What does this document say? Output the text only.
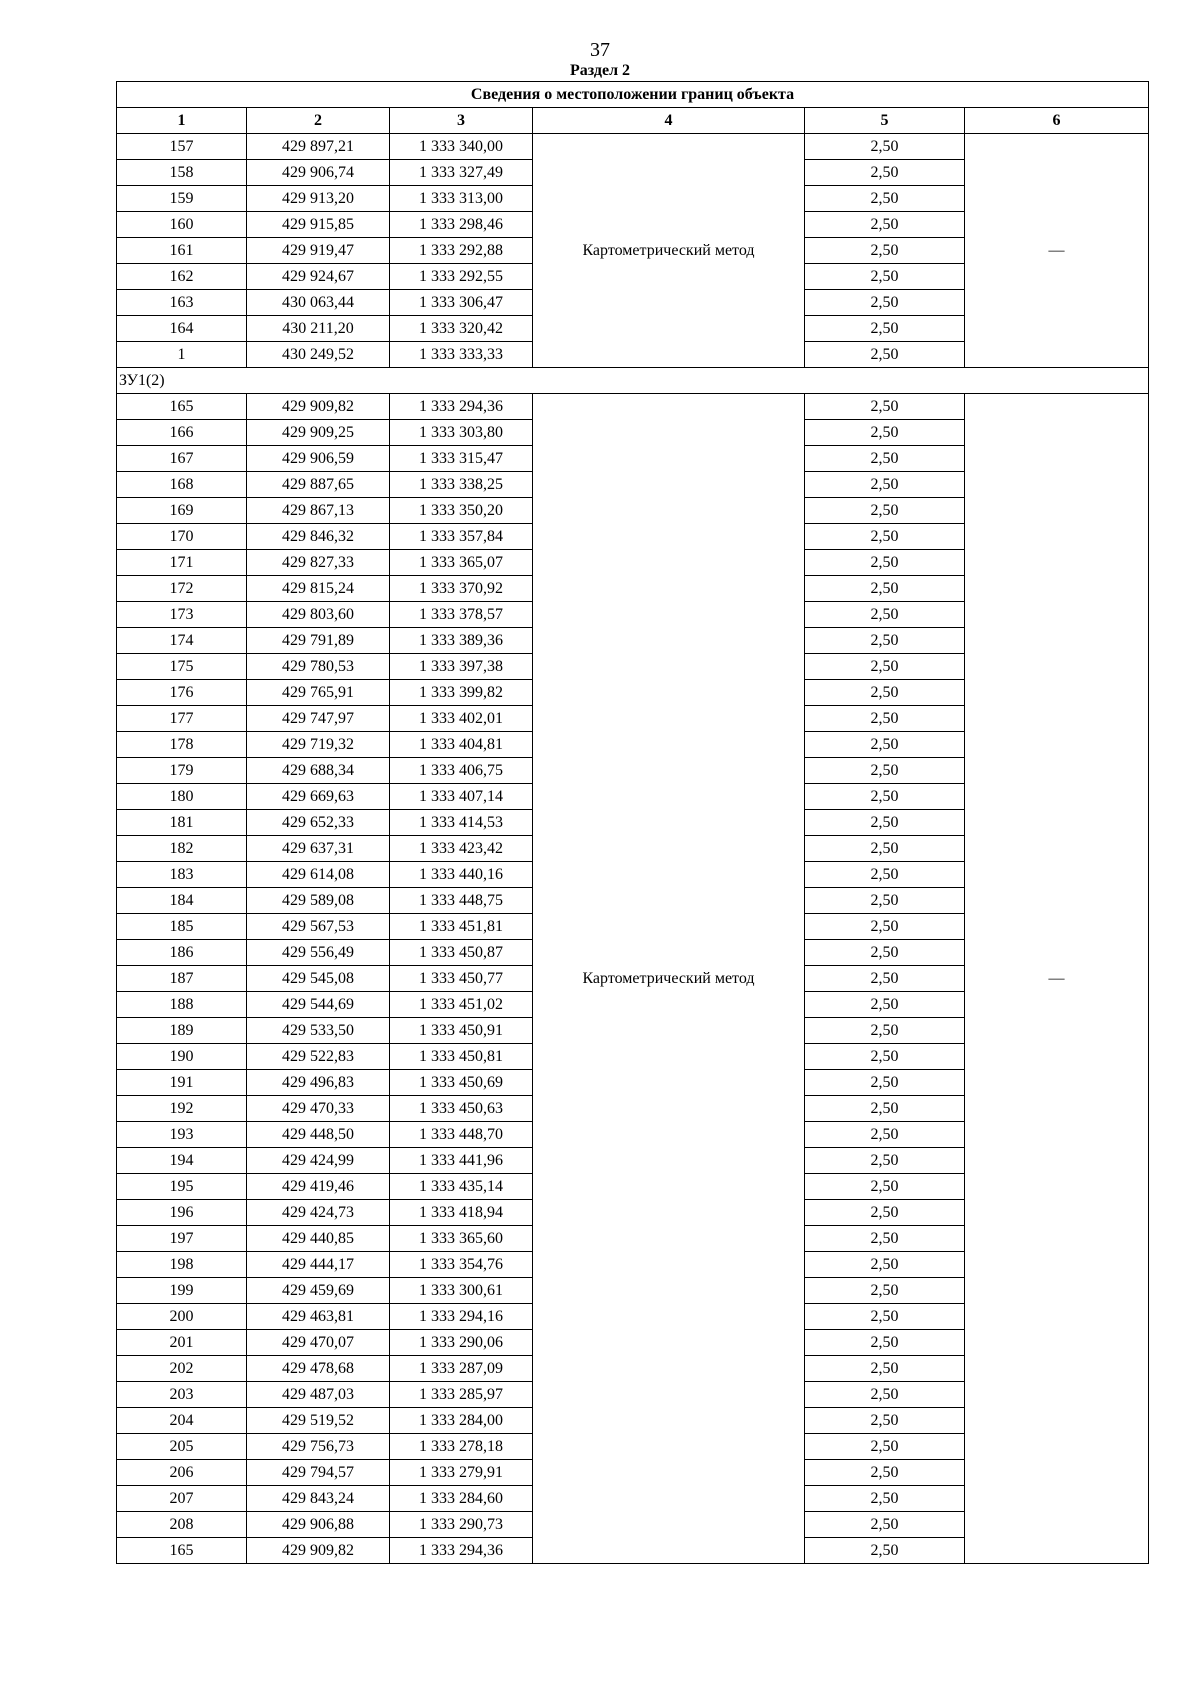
37
Раздел 2
Сведения о местоположении границ объекта					
1	2	3	4	5	6
157	429 897,21	1 333 340,00	Картометрический метод	2,50	—
158	429 906,74	1 333 327,49		2,50	
159	429 913,20	1 333 313,00		2,50	
160	429 915,85	1 333 298,46		2,50	
161	429 919,47	1 333 292,88		2,50	
162	429 924,67	1 333 292,55		2,50	
163	430 063,44	1 333 306,47		2,50	
164	430 211,20	1 333 320,42		2,50	
1	430 249,52	1 333 333,33		2,50	
ЗУ1(2)					
165	429 909,82	1 333 294,36	Картометрический метод	2,50	—
166	429 909,25	1 333 303,80		2,50	
167	429 906,59	1 333 315,47		2,50	
168	429 887,65	1 333 338,25		2,50	
169	429 867,13	1 333 350,20		2,50	
170	429 846,32	1 333 357,84		2,50	
171	429 827,33	1 333 365,07		2,50	
172	429 815,24	1 333 370,92		2,50	
173	429 803,60	1 333 378,57		2,50	
174	429 791,89	1 333 389,36		2,50	
175	429 780,53	1 333 397,38		2,50	
176	429 765,91	1 333 399,82		2,50	
177	429 747,97	1 333 402,01		2,50	
178	429 719,32	1 333 404,81		2,50	
179	429 688,34	1 333 406,75		2,50	
180	429 669,63	1 333 407,14		2,50	
181	429 652,33	1 333 414,53		2,50	
182	429 637,31	1 333 423,42		2,50	
183	429 614,08	1 333 440,16		2,50	
184	429 589,08	1 333 448,75		2,50	
185	429 567,53	1 333 451,81		2,50	
186	429 556,49	1 333 450,87		2,50	
187	429 545,08	1 333 450,77		2,50	
188	429 544,69	1 333 451,02		2,50	
189	429 533,50	1 333 450,91		2,50	
190	429 522,83	1 333 450,81		2,50	
191	429 496,83	1 333 450,69		2,50	
192	429 470,33	1 333 450,63		2,50	
193	429 448,50	1 333 448,70		2,50	
194	429 424,99	1 333 441,96		2,50	
195	429 419,46	1 333 435,14		2,50	
196	429 424,73	1 333 418,94		2,50	
197	429 440,85	1 333 365,60		2,50	
198	429 444,17	1 333 354,76		2,50	
199	429 459,69	1 333 300,61		2,50	
200	429 463,81	1 333 294,16		2,50	
201	429 470,07	1 333 290,06		2,50	
202	429 478,68	1 333 287,09		2,50	
203	429 487,03	1 333 285,97		2,50	
204	429 519,52	1 333 284,00		2,50	
205	429 756,73	1 333 278,18		2,50	
206	429 794,57	1 333 279,91		2,50	
207	429 843,24	1 333 284,60		2,50	
208	429 906,88	1 333 290,73		2,50	
165	429 909,82	1 333 294,36		2,50	
